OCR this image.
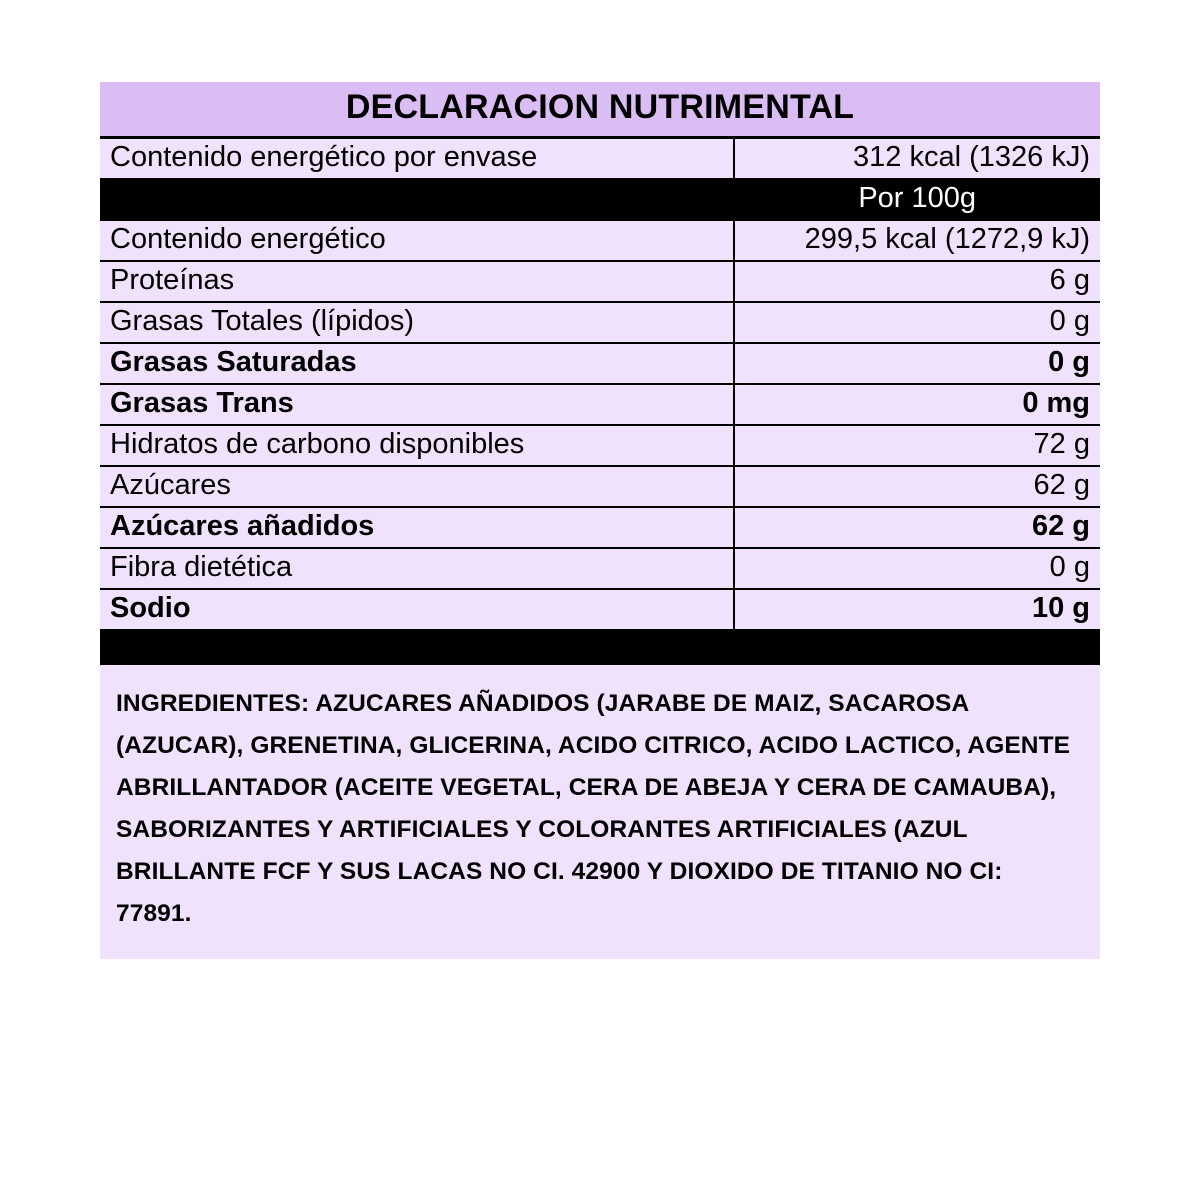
DECLARACION NUTRIMENTAL
Contenido energético por envase	312 kcal (1326 kJ)
	Por 100g
Contenido energético	299,5 kcal (1272,9 kJ)
Proteínas	6 g
Grasas Totales (lípidos)	0 g
Grasas Saturadas	0 g
Grasas Trans	0 mg
Hidratos de carbono disponibles	72 g
Azúcares	62 g
Azúcares añadidos	62 g
Fibra dietética	0 g
Sodio	10 g

INGREDIENTES: AZUCARES AÑADIDOS (JARABE DE MAIZ, SACAROSA (AZUCAR), GRENETINA, GLICERINA, ACIDO CITRICO, ACIDO LACTICO, AGENTE ABRILLANTADOR (ACEITE VEGETAL, CERA DE ABEJA Y CERA DE CAMAUBA), SABORIZANTES Y ARTIFICIALES Y COLORANTES ARTIFICIALES (AZUL BRILLANTE FCF Y SUS LACAS NO CI. 42900 Y DIOXIDO DE TITANIO NO CI: 77891.
